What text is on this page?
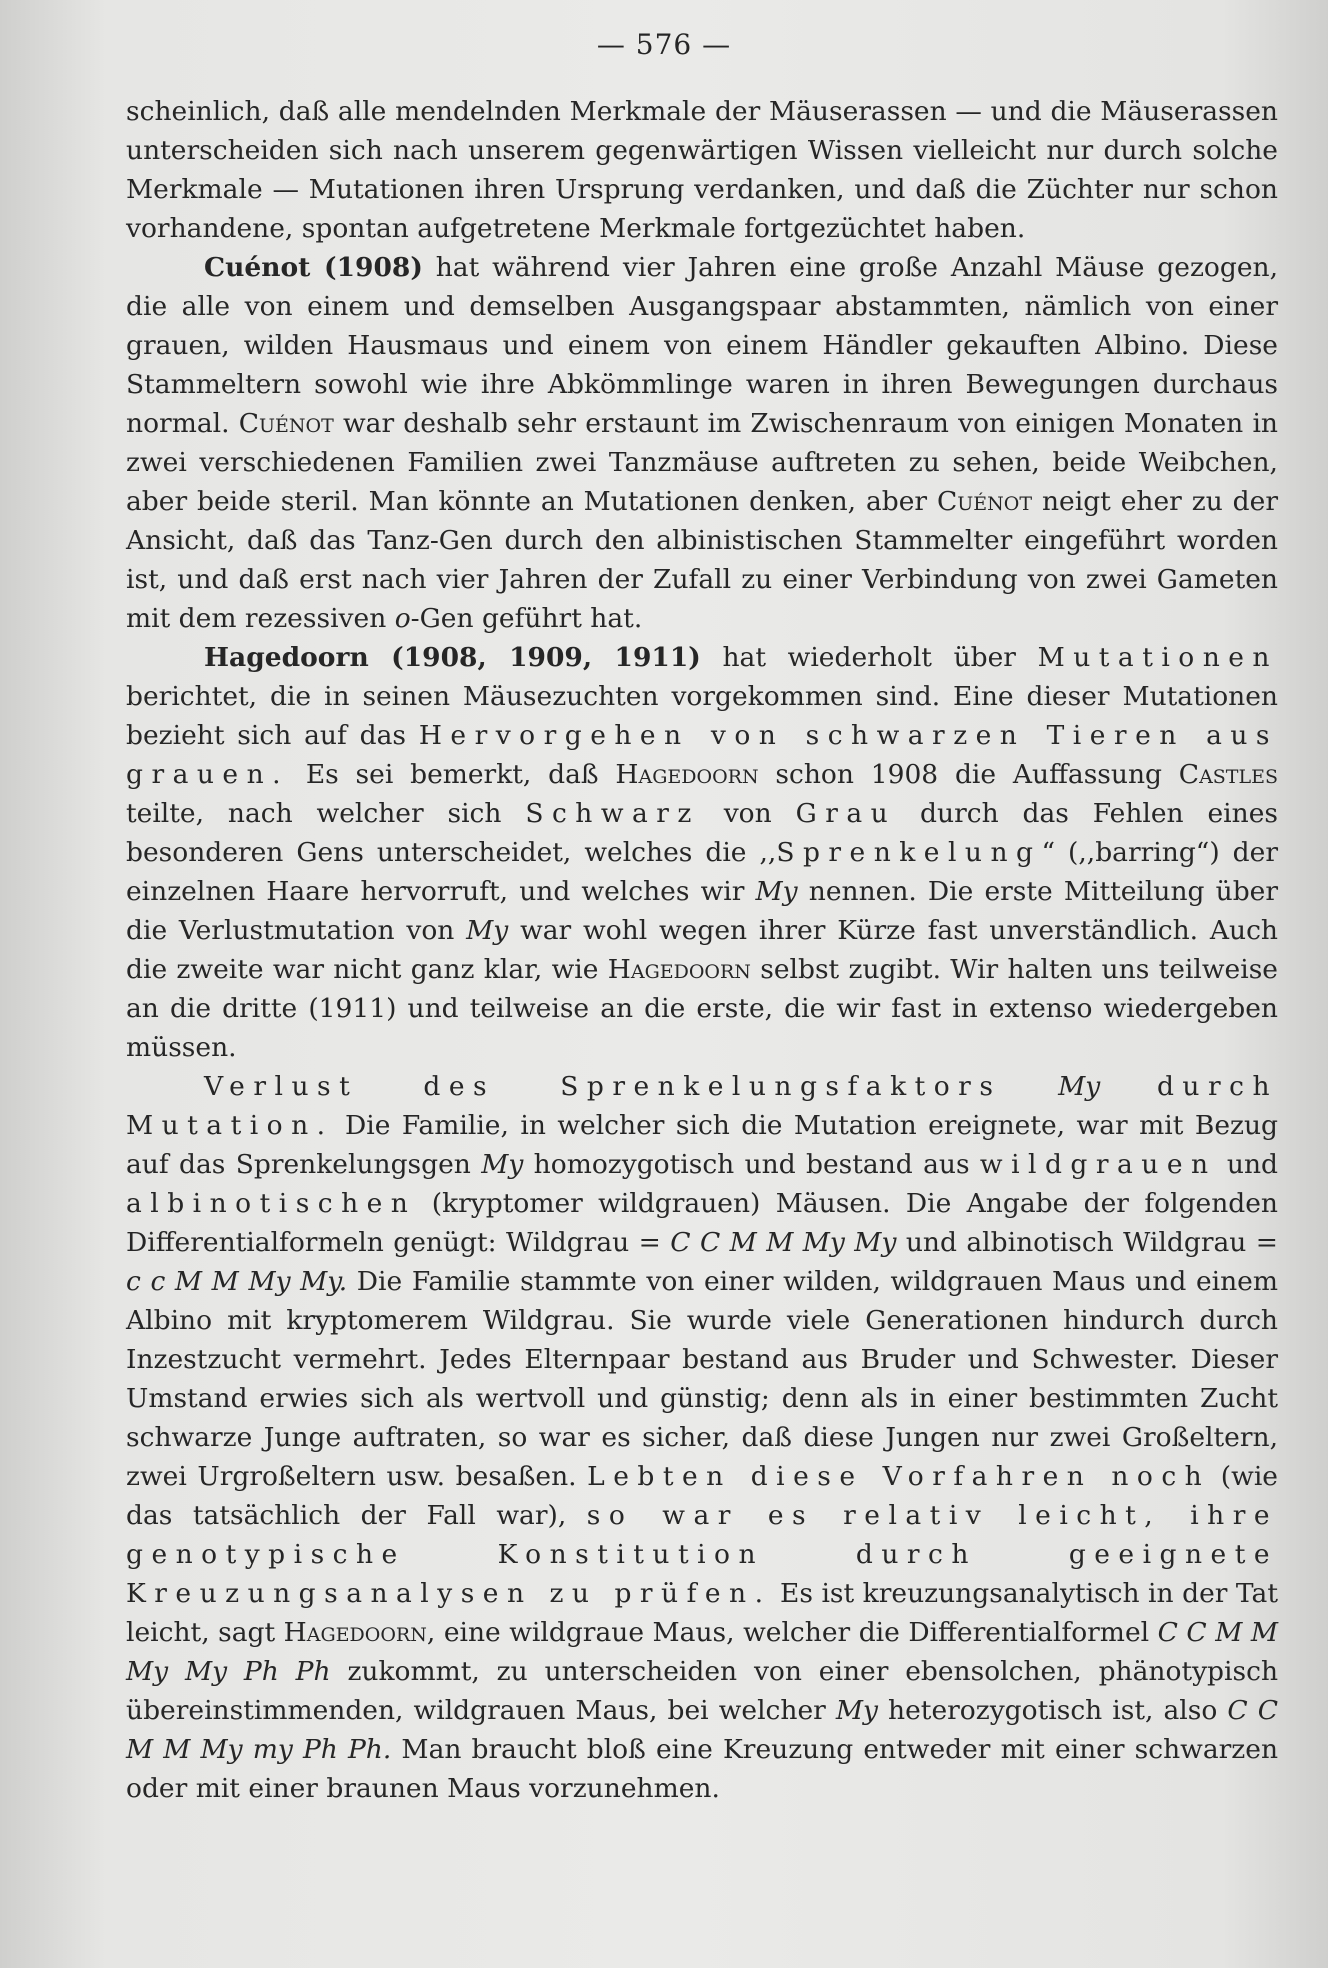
— 576 —

scheinlich, daß alle mendelnden Merkmale der Mäuserassen — und die Mäuserassen unterscheiden sich nach unserem gegenwärtigen Wissen vielleicht nur durch solche Merkmale — Mutationen ihren Ursprung verdanken, und daß die Züchter nur schon vorhandene, spontan aufgetretene Merkmale fortgezüchtet haben.

Cuénot (1908) hat während vier Jahren eine große Anzahl Mäuse gezogen, die alle von einem und demselben Ausgangspaar abstammten, nämlich von einer grauen, wilden Hausmaus und einem von einem Händler gekauften Albino. Diese Stammeltern sowohl wie ihre Abkömmlinge waren in ihren Bewegungen durchaus normal. Cuénot war deshalb sehr erstaunt im Zwischenraum von einigen Monaten in zwei verschiedenen Familien zwei Tanzmäuse auftreten zu sehen, beide Weibchen, aber beide steril. Man könnte an Mutationen denken, aber Cuénot neigt eher zu der Ansicht, daß das Tanz-Gen durch den albinistischen Stammelter eingeführt worden ist, und daß erst nach vier Jahren der Zufall zu einer Verbindung von zwei Gameten mit dem rezessiven o-Gen geführt hat.

Hagedoorn (1908, 1909, 1911) hat wiederholt über Mutationen berichtet, die in seinen Mäusezuchten vorgekommen sind. Eine dieser Mutationen bezieht sich auf das Hervorgehen von schwarzen Tieren aus grauen. Es sei bemerkt, daß Hagedoorn schon 1908 die Auffassung Castles teilte, nach welcher sich Schwarz von Grau durch das Fehlen eines besonderen Gens unterscheidet, welches die ,,Sprenkelung“ (,,barring“) der einzelnen Haare hervorruft, und welches wir My nennen. Die erste Mitteilung über die Verlustmutation von My war wohl wegen ihrer Kürze fast unverständlich. Auch die zweite war nicht ganz klar, wie Hagedoorn selbst zugibt. Wir halten uns teilweise an die dritte (1911) und teilweise an die erste, die wir fast in extenso wiedergeben müssen.

Verlust des Sprenkelungsfaktors My durch Mutation. Die Familie, in welcher sich die Mutation ereignete, war mit Bezug auf das Sprenkelungsgen My homozygotisch und bestand aus wildgrauen und albinotischen (kryptomer wildgrauen) Mäusen. Die Angabe der folgenden Differentialformeln genügt: Wildgrau = C C M M My My und albinotisch Wildgrau = c c M M My My. Die Familie stammte von einer wilden, wildgrauen Maus und einem Albino mit kryptomerem Wildgrau. Sie wurde viele Generationen hindurch durch Inzestzucht vermehrt. Jedes Elternpaar bestand aus Bruder und Schwester. Dieser Umstand erwies sich als wertvoll und günstig; denn als in einer bestimmten Zucht schwarze Junge auftraten, so war es sicher, daß diese Jungen nur zwei Großeltern, zwei Urgroßeltern usw. besaßen. Lebten diese Vorfahren noch (wie das tatsächlich der Fall war), so war es relativ leicht, ihre genotypische Konstitution durch geeignete Kreuzungsanalysen zu prüfen. Es ist kreuzungsanalytisch in der Tat leicht, sagt Hagedoorn, eine wildgraue Maus, welcher die Differentialformel C C M M My My Ph Ph zukommt, zu unterscheiden von einer ebensolchen, phänotypisch übereinstimmenden, wildgrauen Maus, bei welcher My heterozygotisch ist, also C C M M My my Ph Ph. Man braucht bloß eine Kreuzung entweder mit einer schwarzen oder mit einer braunen Maus vorzunehmen.
